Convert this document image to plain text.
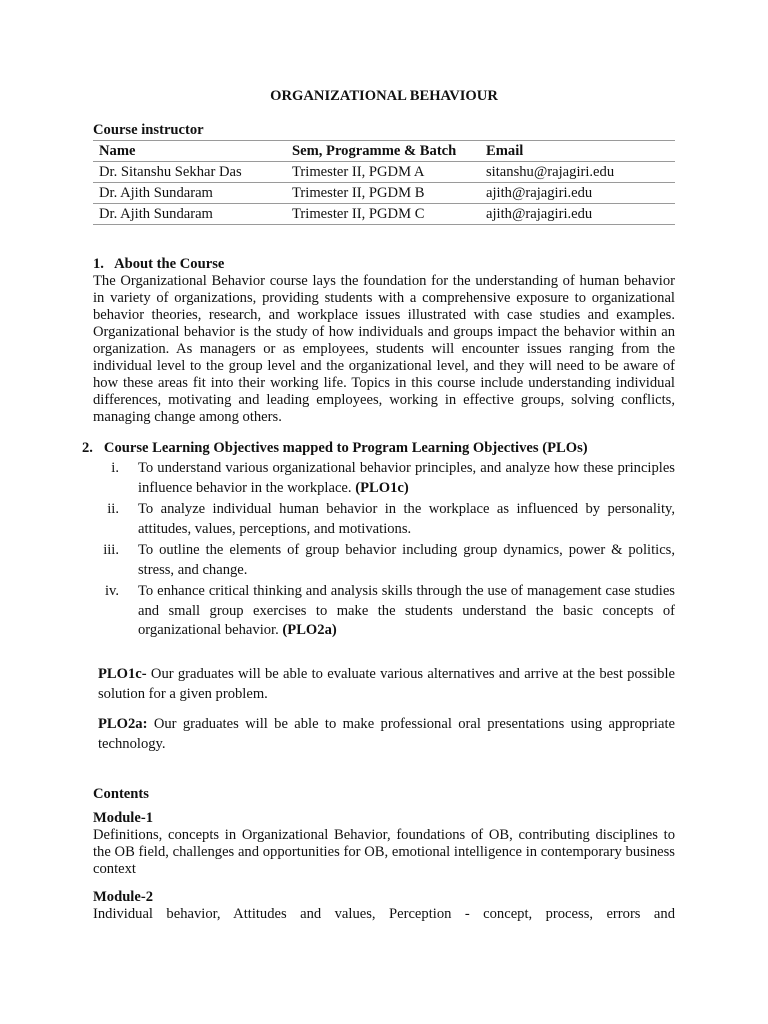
ORGANIZATIONAL BEHAVIOUR
Course instructor
Name	Sem, Programme & Batch	Email
Dr. Sitanshu Sekhar Das	Trimester II, PGDM A	sitanshu@rajagiri.edu
Dr. Ajith Sundaram	Trimester II, PGDM B	ajith@rajagiri.edu
Dr. Ajith Sundaram	Trimester II, PGDM C	ajith@rajagiri.edu
1. About the Course
The Organizational Behavior course lays the foundation for the understanding of human behavior in variety of organizations, providing students with a comprehensive exposure to organizational behavior theories, research, and workplace issues illustrated with case studies and examples. Organizational behavior is the study of how individuals and groups impact the behavior within an organization. As managers or as employees, students will encounter issues ranging from the individual level to the group level and the organizational level, and they will need to be aware of how these areas fit into their working life. Topics in this course include understanding individual differences, motivating and leading employees, working in effective groups, solving conflicts, managing change among others.
2. Course Learning Objectives mapped to Program Learning Objectives (PLOs)
i. To understand various organizational behavior principles, and analyze how these principles influence behavior in the workplace. (PLO1c)
ii. To analyze individual human behavior in the workplace as influenced by personality, attitudes, values, perceptions, and motivations.
iii. To outline the elements of group behavior including group dynamics, power & politics, stress, and change.
iv. To enhance critical thinking and analysis skills through the use of management case studies and small group exercises to make the students understand the basic concepts of organizational behavior. (PLO2a)
PLO1c- Our graduates will be able to evaluate various alternatives and arrive at the best possible solution for a given problem.
PLO2a: Our graduates will be able to make professional oral presentations using appropriate technology.
Contents
Module-1
Definitions, concepts in Organizational Behavior, foundations of OB, contributing disciplines to the OB field, challenges and opportunities for OB, emotional intelligence in contemporary business context
Module-2
Individual behavior, Attitudes and values, Perception - concept, process, errors and
